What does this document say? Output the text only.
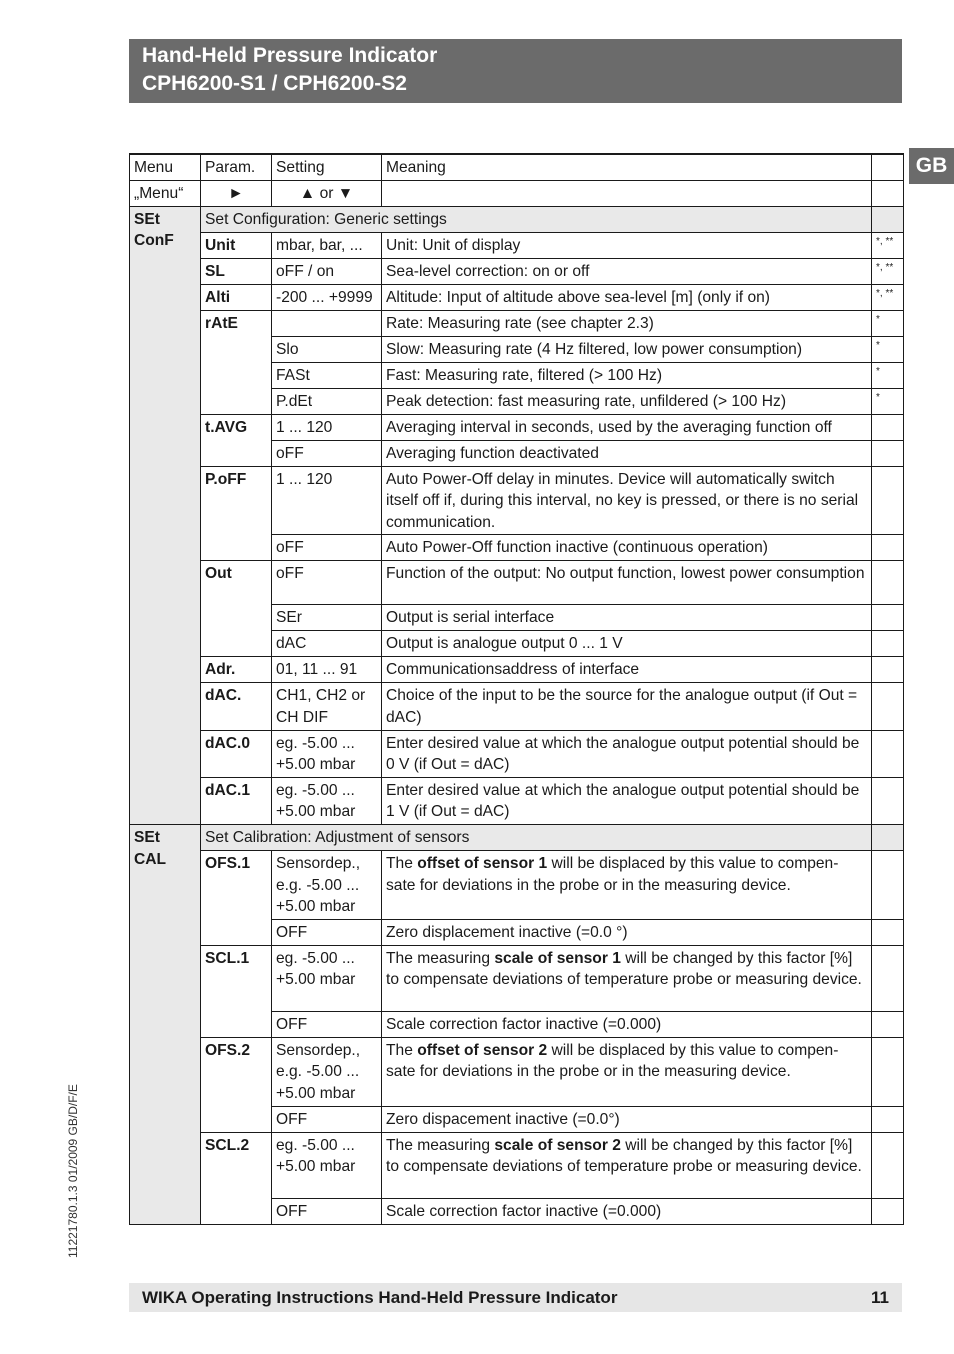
Hand-Held Pressure Indicator
CPH6200-S1 / CPH6200-S2
GB
Menu	Param.	Setting	Meaning	
„Menu“	►	▲ or ▼		

SEt
ConF	Set Configuration: Generic settings			
	Unit	mbar, bar, ...	Unit: Unit of display	*, **
	SL	oFF / on	Sea-level correction: on or off	*, **
	Alti	-200 ... +9999	Altitude: Input of altitude above sea-level [m] (only if on)	*, **
	rAtE		Rate: Measuring rate (see chapter 2.3)	*
		Slo	Slow: Measuring rate (4 Hz filtered, low power consumption)	*
		FASt	Fast: Measuring rate, filtered (> 100 Hz)	*
		P.dEt	Peak detection: fast measuring rate, unfildered (> 100 Hz)	*
	t.AVG	1 ... 120	Averaging interval in seconds, used by the averaging function off	
		oFF	Averaging function deactivated	
	P.oFF	1 ... 120	Auto Power-Off delay in minutes. Device will automatically switch itself off if, during this interval, no key is pressed, or there is no serial communication.	
		oFF	Auto Power-Off function inactive (continuous operation)	
	Out	oFF	Function of the output: No output function, lowest power consumption	
		SEr	Output is serial interface	
		dAC	Output is analogue output 0 ... 1 V	
	Adr.	01, 11 ... 91	Communicationsaddress of interface	
	dAC.	CH1, CH2 or CH DIF	Choice of the input to be the source for the analogue output (if Out = dAC)	
	dAC.0	eg. -5.00 ... +5.00 mbar	Enter desired value at which the analogue output potential should be 0 V (if Out = dAC)	
	dAC.1	eg. -5.00 ... +5.00 mbar	Enter desired value at which the analogue output potential should be 1 V (if Out = dAC)	

SEt
CAL	Set Calibration: Adjustment of sensors			
	OFS.1	Sensordep., e.g. -5.00 ... +5.00 mbar	The offset of sensor 1 will be displaced by this value to compen-sate for deviations in the probe or in the measuring device.	
		OFF	Zero displacement inactive (=0.0 °)	
	SCL.1	eg. -5.00 ... +5.00 mbar	The measuring scale of sensor 1 will be changed by this factor [%] to compensate deviations of temperature probe or measuring device.	
		OFF	Scale correction factor inactive (=0.000)	
	OFS.2	Sensordep., e.g. -5.00 ... +5.00 mbar	The offset of sensor 2 will be displaced by this value to compen-sate for deviations in the probe or in the measuring device.	
		OFF	Zero dispacement inactive (=0.0°)	
	SCL.2	eg. -5.00 ... +5.00 mbar	The measuring scale of sensor 2 will be changed by this factor [%] to compensate deviations of temperature probe or measuring device.	
		OFF	Scale correction factor inactive (=0.000)	
11221780.1.3 01/2009 GB/D/F/E
WIKA Operating Instructions Hand-Held Pressure Indicator	11
